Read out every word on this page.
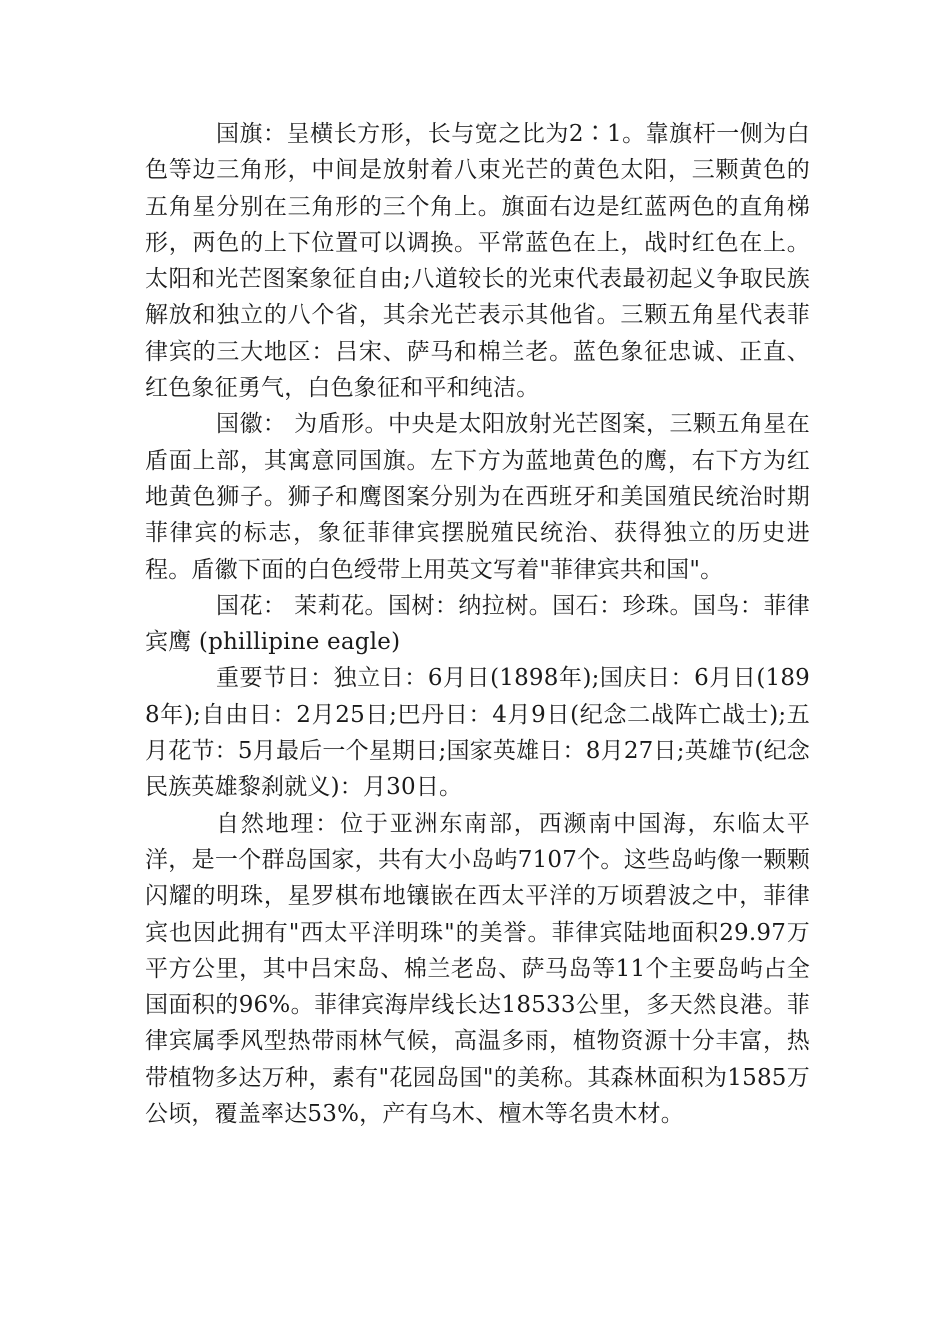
国旗：呈横长方形，长与宽之比为2∶1。靠旗杆一侧为白色等边三角形，中间是放射着八束光芒的黄色太阳，三颗黄色的五角星分别在三角形的三个角上。旗面右边是红蓝两色的直角梯形，两色的上下位置可以调换。平常蓝色在上，战时红色在上。太阳和光芒图案象征自由;八道较长的光束代表最初起义争取民族解放和独立的八个省，其余光芒表示其他省。三颗五角星代表菲律宾的三大地区：吕宋、萨马和棉兰老。蓝色象征忠诚、正直、红色象征勇气，白色象征和平和纯洁。

国徽： 为盾形。中央是太阳放射光芒图案，三颗五角星在盾面上部，其寓意同国旗。左下方为蓝地黄色的鹰，右下方为红地黄色狮子。狮子和鹰图案分别为在西班牙和美国殖民统治时期菲律宾的标志，象征菲律宾摆脱殖民统治、获得独立的历史进程。盾徽下面的白色绶带上用英文写着"菲律宾共和国"。

国花： 茉莉花。国树：纳拉树。国石：珍珠。国鸟：菲律宾鹰 (phillipine eagle)

重要节日：独立日：6月日(1898年);国庆日：6月日(1898年);自由日：2月25日;巴丹日：4月9日(纪念二战阵亡战士);五月花节：5月最后一个星期日;国家英雄日：8月27日;英雄节(纪念民族英雄黎刹就义)：月30日。

自然地理：位于亚洲东南部，西濒南中国海，东临太平洋，是一个群岛国家，共有大小岛屿7107个。这些岛屿像一颗颗闪耀的明珠，星罗棋布地镶嵌在西太平洋的万顷碧波之中，菲律宾也因此拥有"西太平洋明珠"的美誉。菲律宾陆地面积29.97万平方公里，其中吕宋岛、棉兰老岛、萨马岛等11个主要岛屿占全国面积的96%。菲律宾海岸线长达18533公里，多天然良港。菲律宾属季风型热带雨林气候，高温多雨，植物资源十分丰富，热带植物多达万种，素有"花园岛国"的美称。其森林面积为1585万公顷，覆盖率达53%，产有乌木、檀木等名贵木材。
